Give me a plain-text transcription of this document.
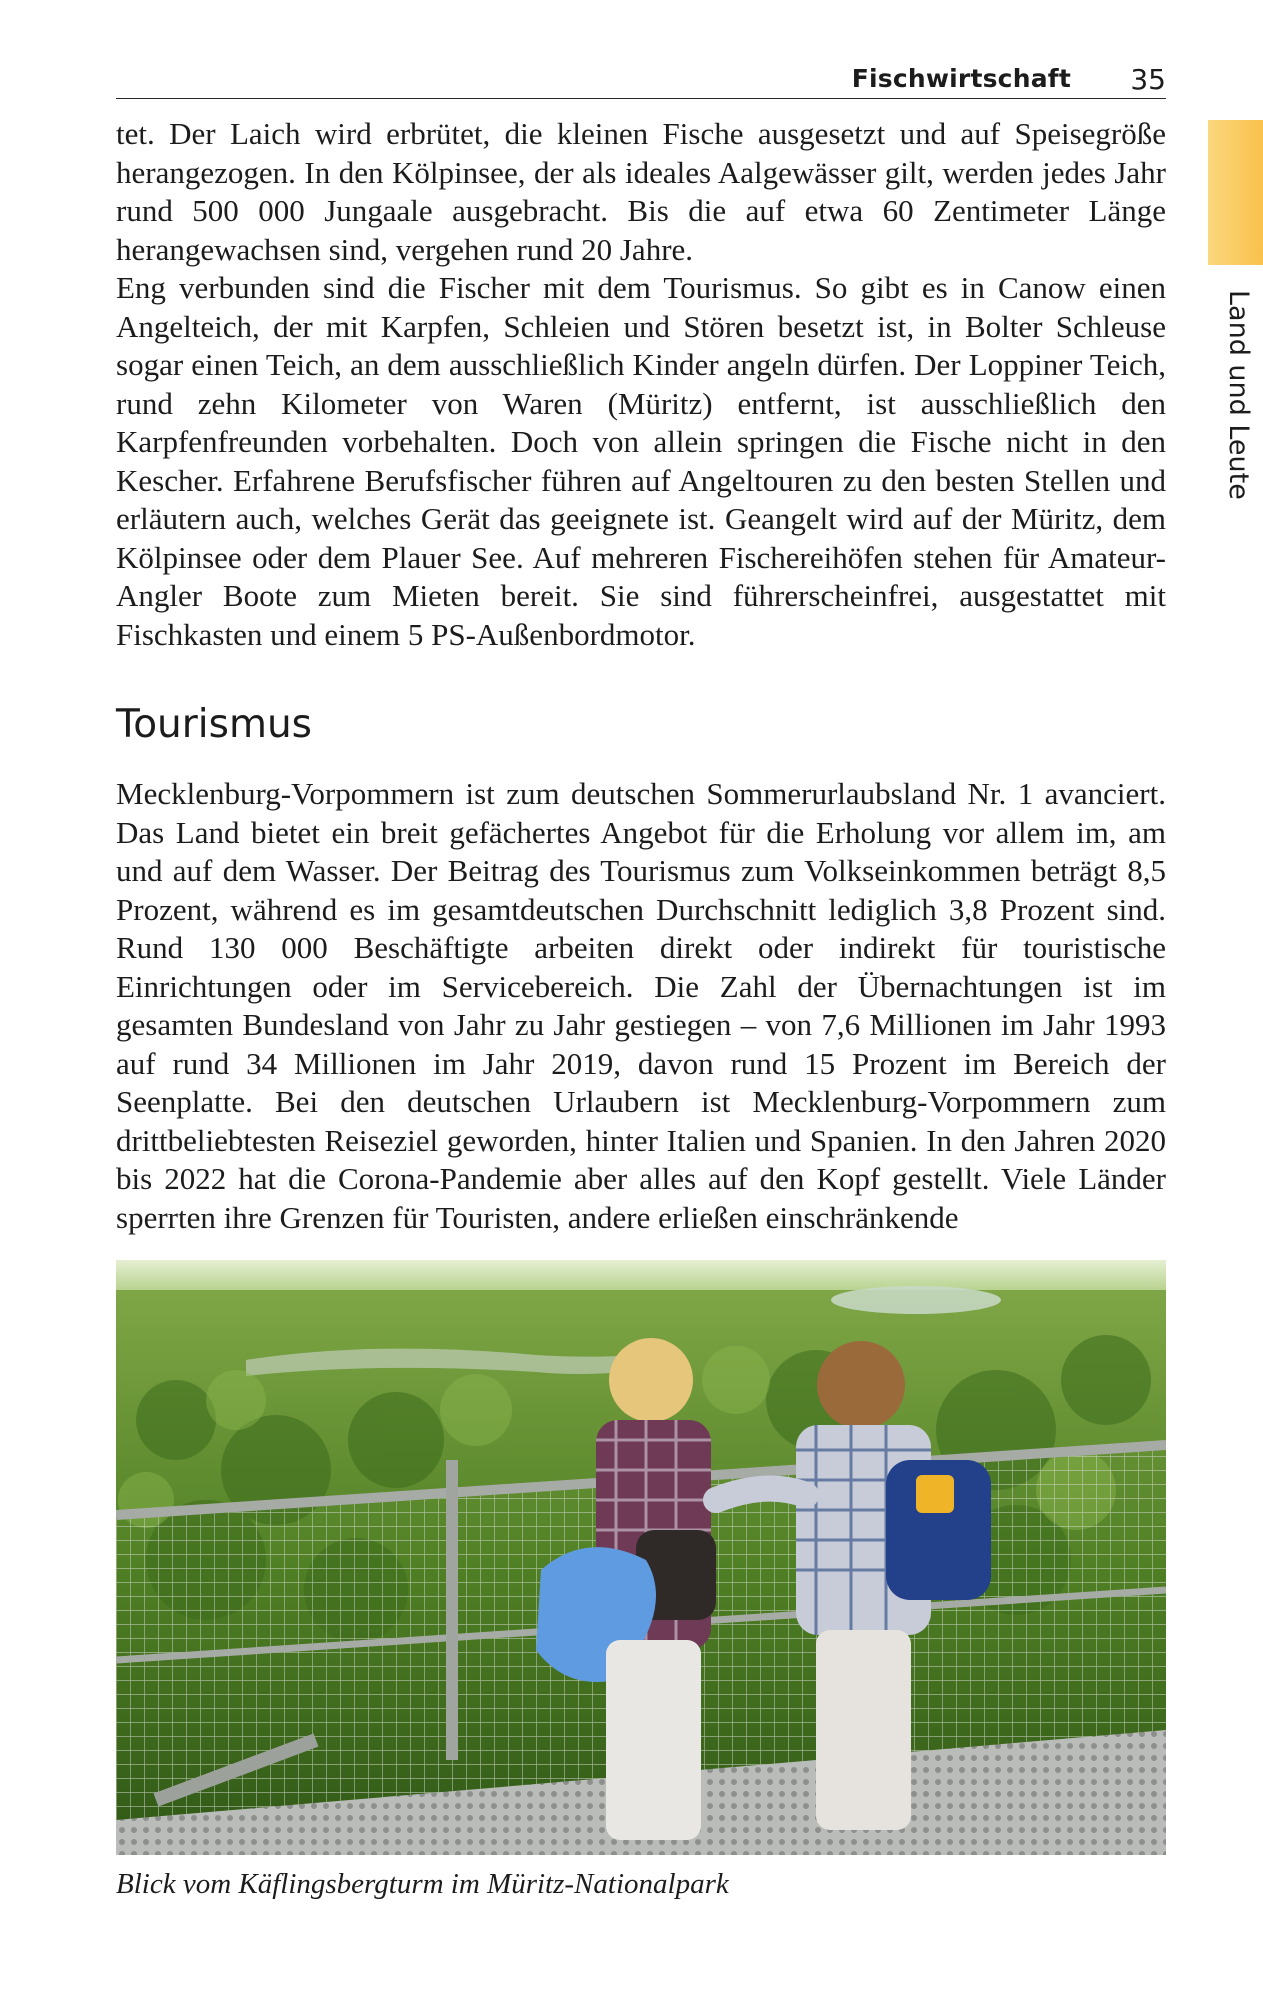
Fischwirtschaft 35
Land und Leute

tet. Der Laich wird erbrütet, die kleinen Fische ausgesetzt und auf Speisegröße herangezogen. In den Kölpinsee, der als ideales Aalgewässer gilt, werden jedes Jahr rund 500 000 Jungaale ausgebracht. Bis die auf etwa 60 Zentimeter Länge herangewachsen sind, vergehen rund 20 Jahre.

Eng verbunden sind die Fischer mit dem Tourismus. So gibt es in Canow einen Angelteich, der mit Karpfen, Schleien und Stören besetzt ist, in Bolter Schleuse sogar einen Teich, an dem ausschließlich Kinder angeln dürfen. Der Loppiner Teich, rund zehn Kilometer von Waren (Müritz) entfernt, ist ausschließlich den Karpfenfreunden vorbehalten. Doch von allein springen die Fische nicht in den Kescher. Erfahrene Berufsfischer führen auf Angeltouren zu den besten Stellen und erläutern auch, welches Gerät das geeignete ist. Geangelt wird auf der Müritz, dem Kölpinsee oder dem Plauer See. Auf mehreren Fischereihöfen stehen für Amateur-Angler Boote zum Mieten bereit. Sie sind führerscheinfrei, ausgestattet mit Fischkasten und einem 5 PS-Außenbordmotor.

Tourismus

Mecklenburg-Vorpommern ist zum deutschen Sommerurlaubsland Nr. 1 avanciert. Das Land bietet ein breit gefächertes Angebot für die Erholung vor allem im, am und auf dem Wasser. Der Beitrag des Tourismus zum Volkseinkommen beträgt 8,5 Prozent, während es im gesamtdeutschen Durchschnitt lediglich 3,8 Prozent sind. Rund 130 000 Beschäftigte arbeiten direkt oder indirekt für touristische Einrichtungen oder im Servicebereich. Die Zahl der Übernachtungen ist im gesamten Bundesland von Jahr zu Jahr gestiegen – von 7,6 Millionen im Jahr 1993 auf rund 34 Millionen im Jahr 2019, davon rund 15 Prozent im Bereich der Seenplatte. Bei den deutschen Urlaubern ist Mecklenburg-Vorpommern zum drittbeliebtesten Reiseziel geworden, hinter Italien und Spanien. In den Jahren 2020 bis 2022 hat die Corona-Pandemie aber alles auf den Kopf gestellt. Viele Länder sperrten ihre Grenzen für Touristen, andere erließen einschränkende

Blick vom Käflingsbergturm im Müritz-Nationalpark
